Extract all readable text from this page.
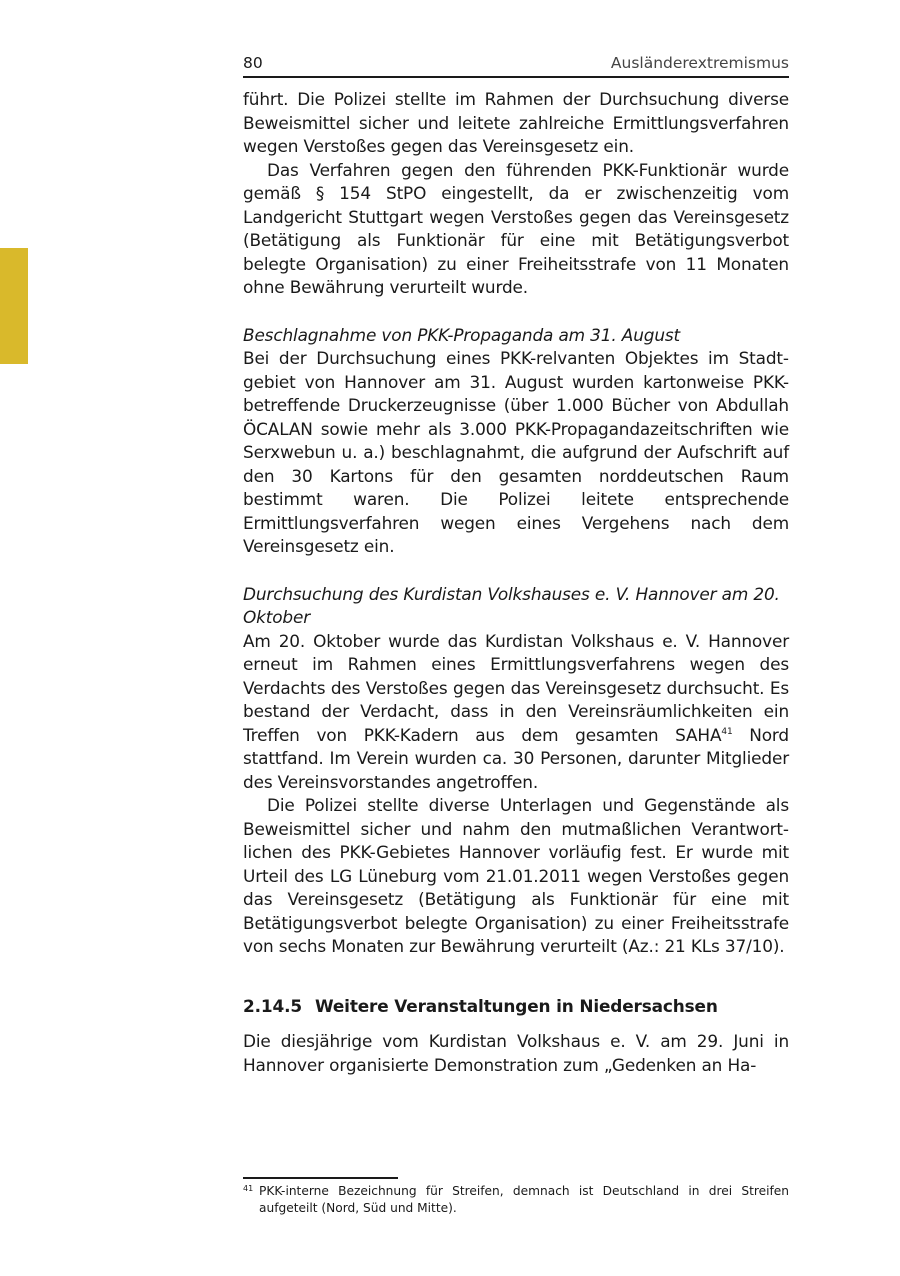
80	Ausländerextremismus

führt. Die Polizei stellte im Rahmen der Durchsuchung diverse Beweismittel sicher und leitete zahlreiche Ermittlungsverfahren wegen Verstoßes gegen das Vereinsgesetz ein.

Das Verfahren gegen den führenden PKK-Funktionär wurde gemäß § 154 StPO eingestellt, da er zwischenzeitig vom Landgericht Stuttgart wegen Verstoßes gegen das Vereinsgesetz (Betätigung als Funktionär für eine mit Betätigungsverbot belegte Organisation) zu einer Freiheitsstrafe von 11 Monaten ohne Bewährung verurteilt wurde.

Beschlagnahme von PKK-Propaganda am 31. August

Bei der Durchsuchung eines PKK-relvanten Objektes im Stadtgebiet von Hannover am 31. August wurden kartonweise PKK-betreffende Druckerzeugnisse (über 1.000 Bücher von Abdullah ÖCALAN sowie mehr als 3.000 PKK-Propagandazeitschriften wie Serxwebun u. a.) beschlagnahmt, die aufgrund der Aufschrift auf den 30 Kartons für den gesamten norddeutschen Raum bestimmt waren. Die Polizei leitete entsprechende Ermittlungsverfahren wegen eines Vergehens nach dem Vereinsgesetz ein.

Durchsuchung des Kurdistan Volkshauses e. V. Hannover am 20. Oktober

Am 20. Oktober wurde das Kurdistan Volkshaus e. V. Hannover erneut im Rahmen eines Ermittlungsverfahrens wegen des Verdachts des Verstoßes gegen das Vereinsgesetz durchsucht. Es bestand der Verdacht, dass in den Vereinsräumlichkeiten ein Treffen von PKK-Kadern aus dem gesamten SAHA$^{41}$ Nord stattfand. Im Verein wurden ca. 30 Personen, darunter Mitglieder des Vereinsvorstandes angetroffen.

Die Polizei stellte diverse Unterlagen und Gegenstände als Beweismittel sicher und nahm den mutmaßlichen Verantwortlichen des PKK-Gebietes Hannover vorläufig fest. Er wurde mit Urteil des LG Lüneburg vom 21.01.2011 wegen Verstoßes gegen das Vereinsgesetz (Betätigung als Funktionär für eine mit Betätigungsverbot belegte Organisation) zu einer Freiheitsstrafe von sechs Monaten zur Bewährung verurteilt (Az.: 21 KLs 37/10).

2.14.5 Weitere Veranstaltungen in Niedersachsen

Die diesjährige vom Kurdistan Volkshaus e. V. am 29. Juni in Hannover organisierte Demonstration zum „Gedenken an Ha-

41 PKK-interne Bezeichnung für Streifen, demnach ist Deutschland in drei Streifen aufgeteilt (Nord, Süd und Mitte).
